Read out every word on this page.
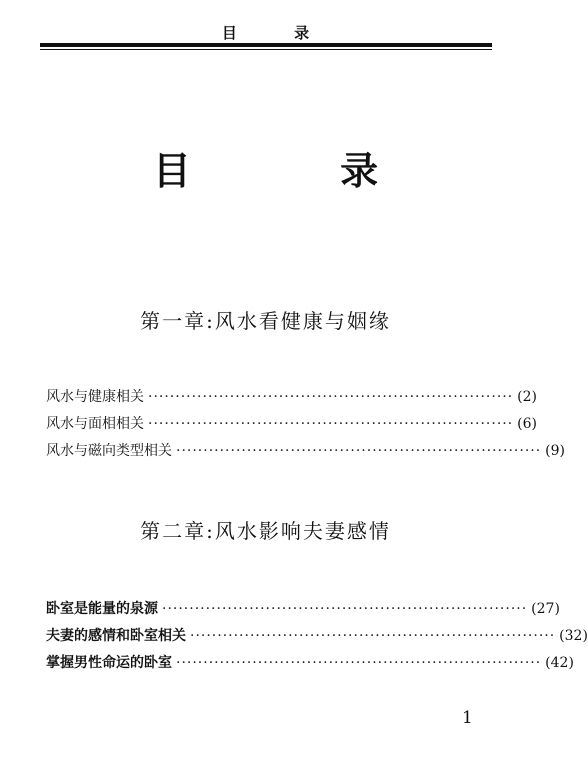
目 录
目 录
第一章:风水看健康与姻缘
风水与健康相关 ··································································· (2)
风水与面相相关 ··································································· (6)
风水与磁向类型相关 ··································································· (9)
第二章:风水影响夫妻感情
卧室是能量的泉源 ··································································· (27)
夫妻的感情和卧室相关 ··································································· (32)
掌握男性命运的卧室 ··································································· (42)
1
